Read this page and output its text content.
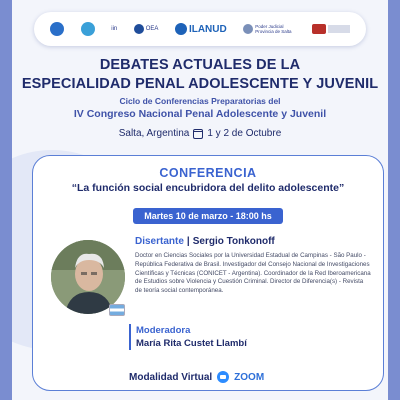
iin	OEA	ILANUD	Poder Judicial Provincia de Salta
DEBATES ACTUALES DE LA
ESPECIALIDAD PENAL ADOLESCENTE Y JUVENIL
Ciclo de Conferencias Preparatorias del
IV Congreso Nacional Penal Adolescente y Juvenil
Salta, Argentina 1 y 2 de Octubre
CONFERENCIA
“La función social encubridora del delito adolescente”
Martes 10 de marzo - 18:00 hs
Disertante | Sergio Tonkonoff
Doctor en Ciencias Sociales por la Universidad Estadual de Campinas - São Paulo - República Federativa de Brasil. Investigador del Consejo Nacional de Investigaciones Científicas y Técnicas (CONICET - Argentina). Coordinador de la Red Iberoamericana de Estudios sobre Violencia y Cuestión Criminal. Director de Diferencia(s) - Revista de teoría social contemporánea.
Moderadora
María Rita Custet Llambí
Modalidad Virtual ZOOM
